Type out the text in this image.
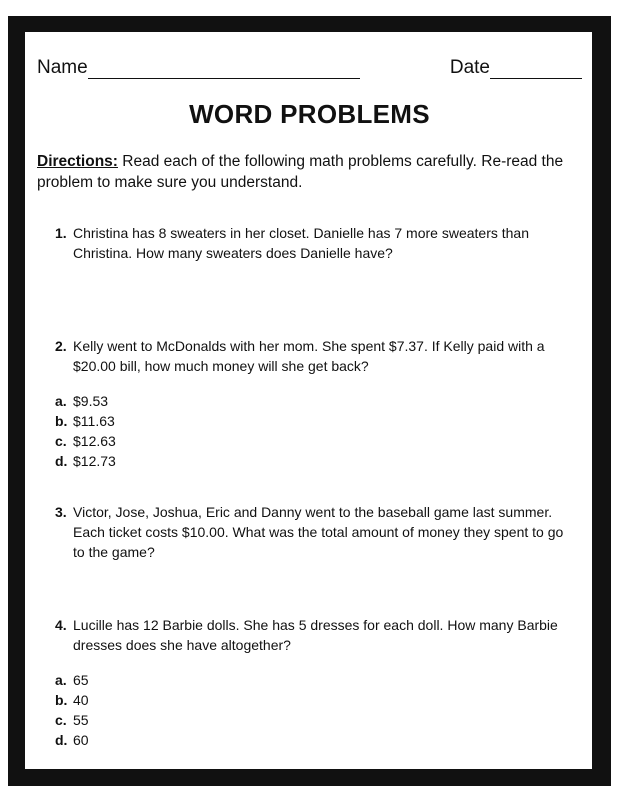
Name	Date
WORD PROBLEMS
Directions: Read each of the following math problems carefully. Re-read the problem to make sure you understand.
1. Christina has 8 sweaters in her closet. Danielle has 7 more sweaters than Christina. How many sweaters does Danielle have?
2. Kelly went to McDonalds with her mom. She spent $7.37. If Kelly paid with a $20.00 bill, how much money will she get back?
a. $9.53
b. $11.63
c. $12.63
d. $12.73
3. Victor, Jose, Joshua, Eric and Danny went to the baseball game last summer. Each ticket costs $10.00. What was the total amount of money they spent to go to the game?
4. Lucille has 12 Barbie dolls. She has 5 dresses for each doll. How many Barbie dresses does she have altogether?
a. 65
b. 40
c. 55
d. 60
